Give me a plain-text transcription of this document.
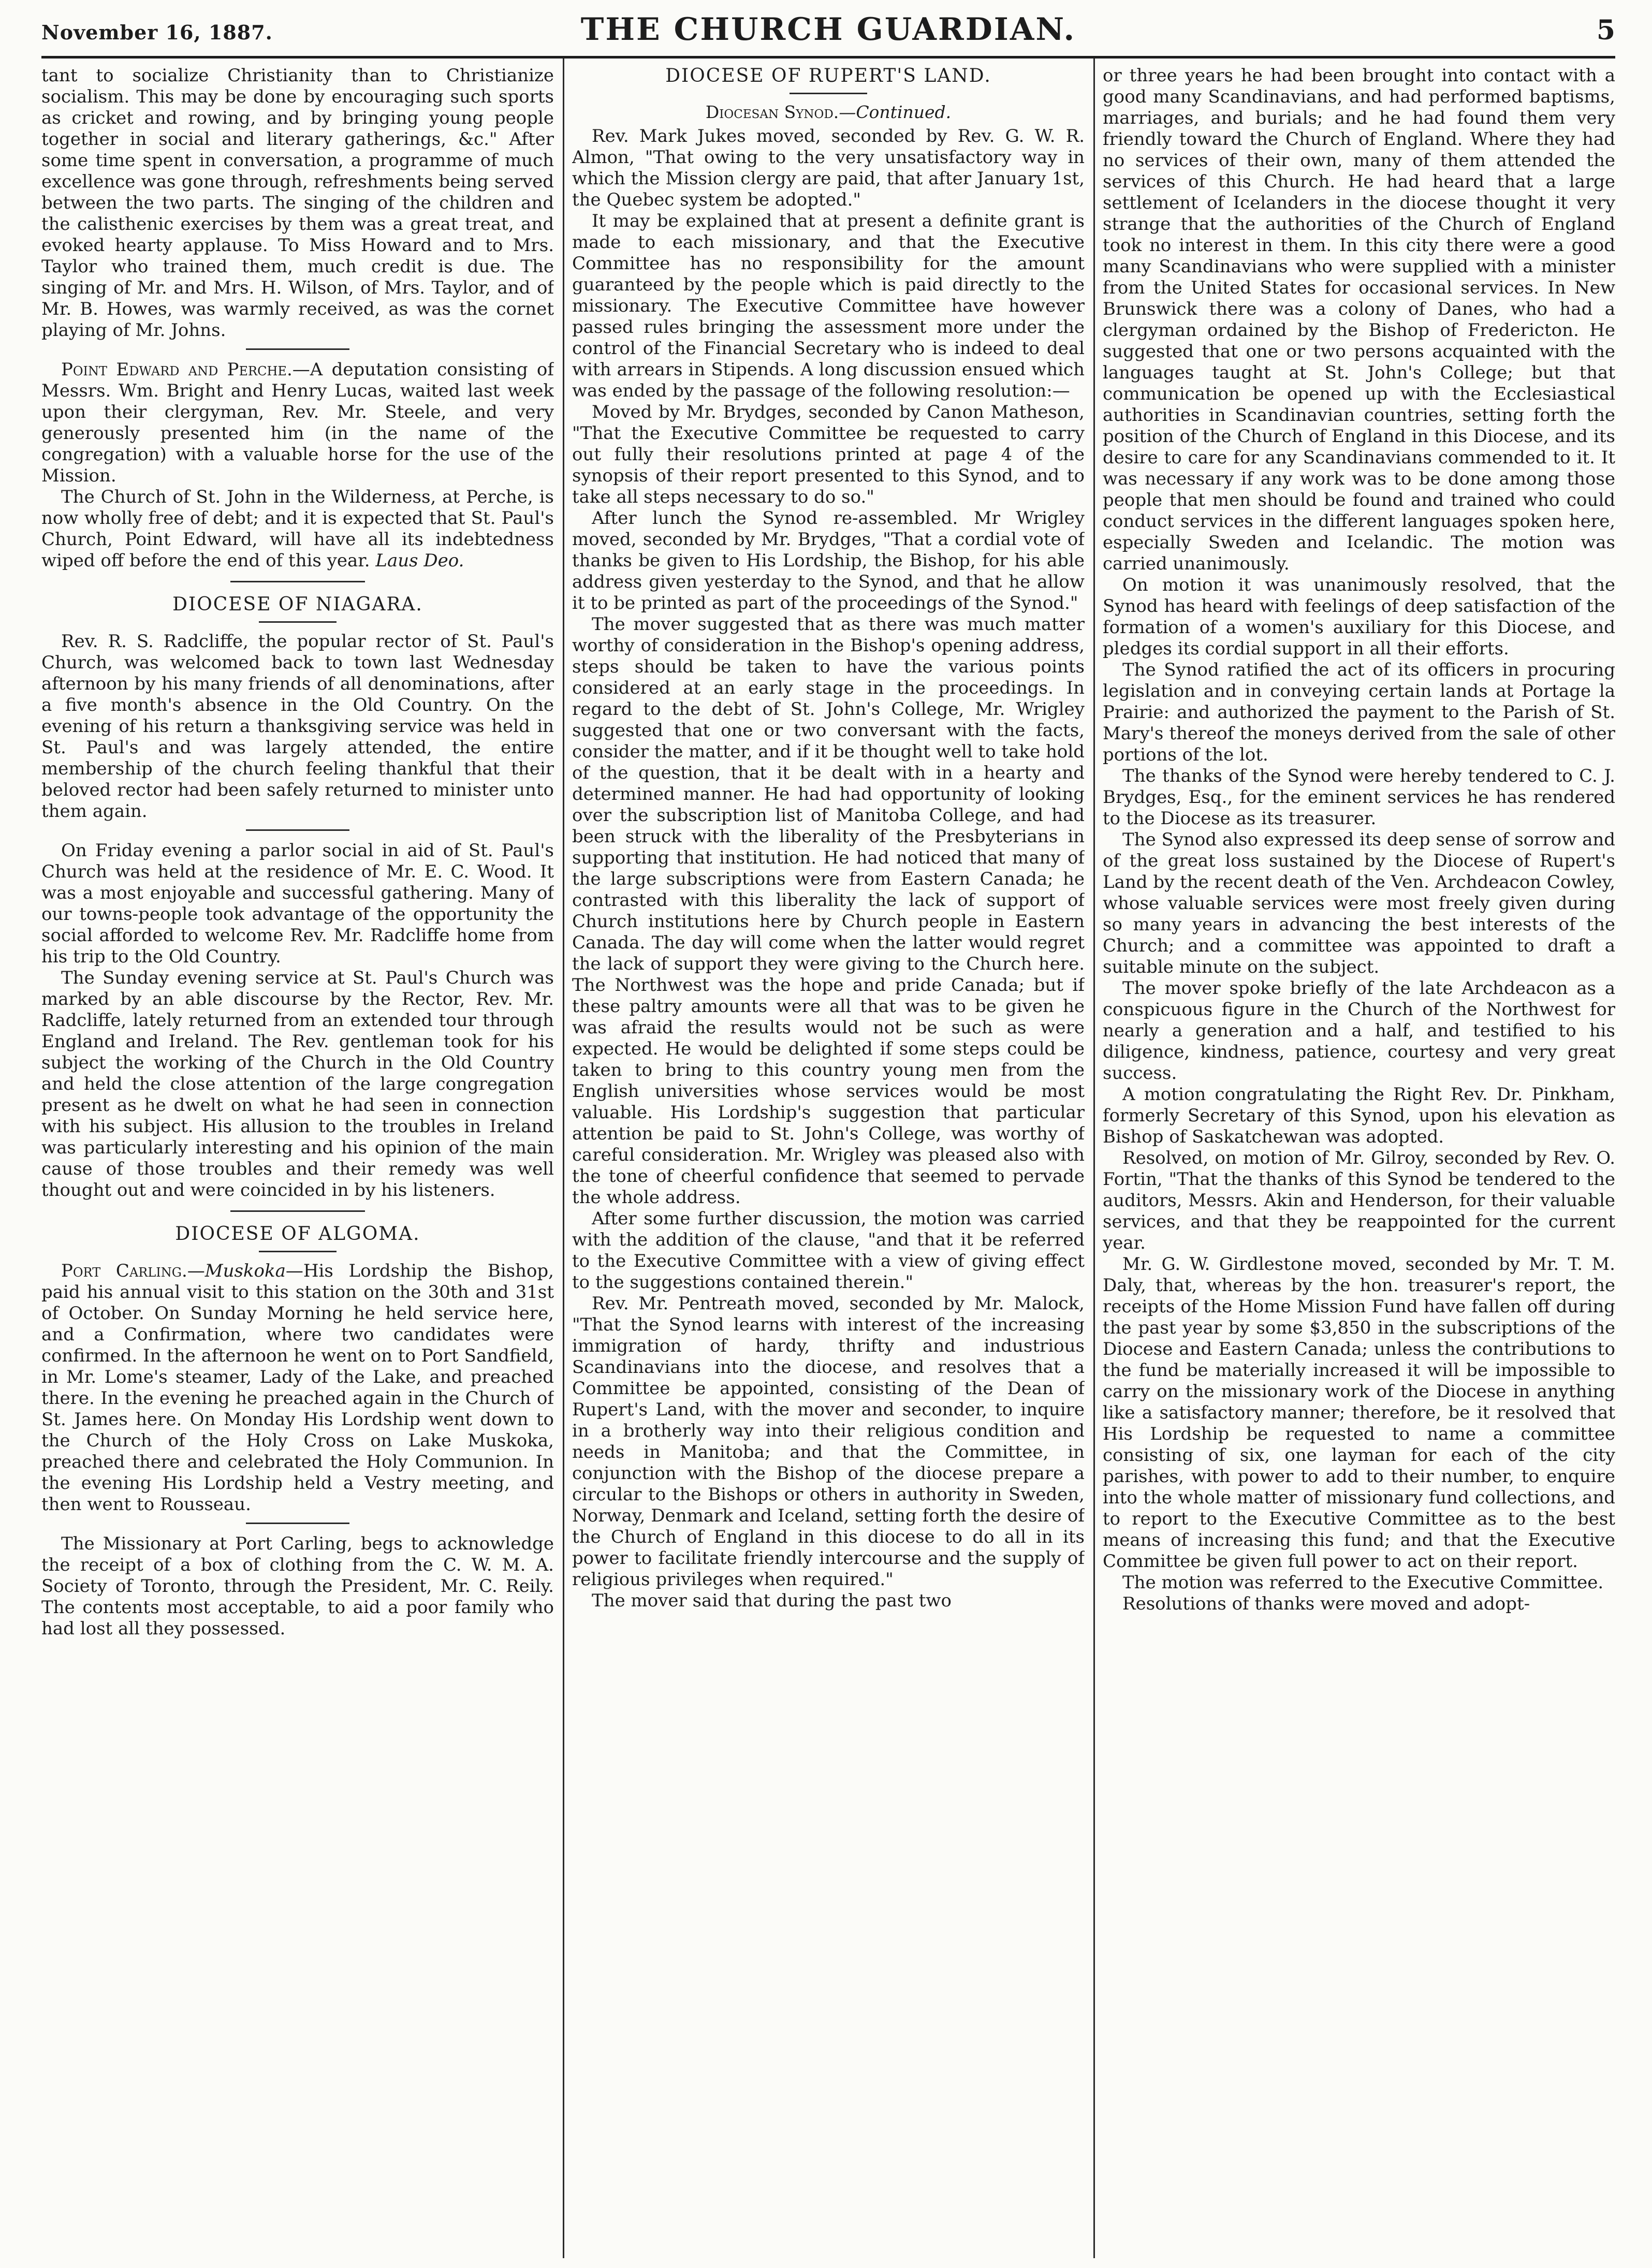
November 16, 1887.	THE CHURCH GUARDIAN.	5

tant to socialize Christianity than to Christianize socialism. This may be done by encouraging such sports as cricket and rowing, and by bringing young people together in social and literary gatherings, &c." After some time spent in conversation, a programme of much excellence was gone through, refreshments being served between the two parts. The singing of the children and the calisthenic exercises by them was a great treat, and evoked hearty applause. To Miss Howard and to Mrs. Taylor who trained them, much credit is due. The singing of Mr. and Mrs. H. Wilson, of Mrs. Taylor, and of Mr. B. Howes, was warmly received, as was the cornet playing of Mr. Johns.

Point Edward and Perche.—A deputation consisting of Messrs. Wm. Bright and Henry Lucas, waited last week upon their clergyman, Rev. Mr. Steele, and very generously presented him (in the name of the congregation) with a valuable horse for the use of the Mission.

The Church of St. John in the Wilderness, at Perche, is now wholly free of debt; and it is expected that St. Paul's Church, Point Edward, will have all its indebtedness wiped off before the end of this year. Laus Deo.

DIOCESE OF NIAGARA.

Rev. R. S. Radcliffe, the popular rector of St. Paul's Church, was welcomed back to town last Wednesday afternoon by his many friends of all denominations, after a five month's absence in the Old Country. On the evening of his return a thanksgiving service was held in St. Paul's and was largely attended, the entire membership of the church feeling thankful that their beloved rector had been safely returned to minister unto them again.

On Friday evening a parlor social in aid of St. Paul's Church was held at the residence of Mr. E. C. Wood. It was a most enjoyable and successful gathering. Many of our towns-people took advantage of the opportunity the social afforded to welcome Rev. Mr. Radcliffe home from his trip to the Old Country.

The Sunday evening service at St. Paul's Church was marked by an able discourse by the Rector, Rev. Mr. Radcliffe, lately returned from an extended tour through England and Ireland. The Rev. gentleman took for his subject the working of the Church in the Old Country and held the close attention of the large congregation present as he dwelt on what he had seen in connection with his subject. His allusion to the troubles in Ireland was particularly interesting and his opinion of the main cause of those troubles and their remedy was well thought out and were coincided in by his listeners.

DIOCESE OF ALGOMA.

Port Carling.—Muskoka—His Lordship the Bishop, paid his annual visit to this station on the 30th and 31st of October. On Sunday Morning he held service here, and a Confirmation, where two candidates were confirmed. In the afternoon he went on to Port Sandfield, in Mr. Lome's steamer, Lady of the Lake, and preached there. In the evening he preached again in the Church of St. James here. On Monday His Lordship went down to the Church of the Holy Cross on Lake Muskoka, preached there and celebrated the Holy Communion. In the evening His Lordship held a Vestry meeting, and then went to Rousseau.

The Missionary at Port Carling, begs to acknowledge the receipt of a box of clothing from the C. W. M. A. Society of Toronto, through the President, Mr. C. Reily. The contents most acceptable, to aid a poor family who had lost all they possessed.

DIOCESE OF RUPERT'S LAND.
Diocesan Synod.—Continued.

Rev. Mark Jukes moved, seconded by Rev. G. W. R. Almon, "That owing to the very unsatisfactory way in which the Mission clergy are paid, that after January 1st, the Quebec system be adopted."

It may be explained that at present a definite grant is made to each missionary, and that the Executive Committee has no responsibility for the amount guaranteed by the people which is paid directly to the missionary. The Executive Committee have however passed rules bringing the assessment more under the control of the Financial Secretary who is indeed to deal with arrears in Stipends. A long discussion ensued which was ended by the passage of the following resolution:—

Moved by Mr. Brydges, seconded by Canon Matheson, "That the Executive Committee be requested to carry out fully their resolutions printed at page 4 of the synopsis of their report presented to this Synod, and to take all steps necessary to do so."

After lunch the Synod re-assembled. Mr Wrigley moved, seconded by Mr. Brydges, "That a cordial vote of thanks be given to His Lordship, the Bishop, for his able address given yesterday to the Synod, and that he allow it to be printed as part of the proceedings of the Synod."

The mover suggested that as there was much matter worthy of consideration in the Bishop's opening address, steps should be taken to have the various points considered at an early stage in the proceedings. In regard to the debt of St. John's College, Mr. Wrigley suggested that one or two conversant with the facts, consider the matter, and if it be thought well to take hold of the question, that it be dealt with in a hearty and determined manner. He had had opportunity of looking over the subscription list of Manitoba College, and had been struck with the liberality of the Presbyterians in supporting that institution. He had noticed that many of the large subscriptions were from Eastern Canada; he contrasted with this liberality the lack of support of Church institutions here by Church people in Eastern Canada. The day will come when the latter would regret the lack of support they were giving to the Church here. The Northwest was the hope and pride Canada; but if these paltry amounts were all that was to be given he was afraid the results would not be such as were expected. He would be delighted if some steps could be taken to bring to this country young men from the English universities whose services would be most valuable. His Lordship's suggestion that particular attention be paid to St. John's College, was worthy of careful consideration. Mr. Wrigley was pleased also with the tone of cheerful confidence that seemed to pervade the whole address.

After some further discussion, the motion was carried with the addition of the clause, "and that it be referred to the Executive Committee with a view of giving effect to the suggestions contained therein."

Rev. Mr. Pentreath moved, seconded by Mr. Malock, "That the Synod learns with interest of the increasing immigration of hardy, thrifty and industrious Scandinavians into the diocese, and resolves that a Committee be appointed, consisting of the Dean of Rupert's Land, with the mover and seconder, to inquire in a brotherly way into their religious condition and needs in Manitoba; and that the Committee, in conjunction with the Bishop of the diocese prepare a circular to the Bishops or others in authority in Sweden, Norway, Denmark and Iceland, setting forth the desire of the Church of England in this diocese to do all in its power to facilitate friendly intercourse and the supply of religious privileges when required."

The mover said that during the past two

or three years he had been brought into contact with a good many Scandinavians, and had performed baptisms, marriages, and burials; and he had found them very friendly toward the Church of England. Where they had no services of their own, many of them attended the services of this Church. He had heard that a large settlement of Icelanders in the diocese thought it very strange that the authorities of the Church of England took no interest in them. In this city there were a good many Scandinavians who were supplied with a minister from the United States for occasional services. In New Brunswick there was a colony of Danes, who had a clergyman ordained by the Bishop of Fredericton. He suggested that one or two persons acquainted with the languages taught at St. John's College; but that communication be opened up with the Ecclesiastical authorities in Scandinavian countries, setting forth the position of the Church of England in this Diocese, and its desire to care for any Scandinavians commended to it. It was necessary if any work was to be done among those people that men should be found and trained who could conduct services in the different languages spoken here, especially Sweden and Icelandic. The motion was carried unanimously.

On motion it was unanimously resolved, that the Synod has heard with feelings of deep satisfaction of the formation of a women's auxiliary for this Diocese, and pledges its cordial support in all their efforts.

The Synod ratified the act of its officers in procuring legislation and in conveying certain lands at Portage la Prairie: and authorized the payment to the Parish of St. Mary's thereof the moneys derived from the sale of other portions of the lot.

The thanks of the Synod were hereby tendered to C. J. Brydges, Esq., for the eminent services he has rendered to the Diocese as its treasurer.

The Synod also expressed its deep sense of sorrow and of the great loss sustained by the Diocese of Rupert's Land by the recent death of the Ven. Archdeacon Cowley, whose valuable services were most freely given during so many years in advancing the best interests of the Church; and a committee was appointed to draft a suitable minute on the subject.

The mover spoke briefly of the late Archdeacon as a conspicuous figure in the Church of the Northwest for nearly a generation and a half, and testified to his diligence, kindness, patience, courtesy and very great success.

A motion congratulating the Right Rev. Dr. Pinkham, formerly Secretary of this Synod, upon his elevation as Bishop of Saskatchewan was adopted.

Resolved, on motion of Mr. Gilroy, seconded by Rev. O. Fortin, "That the thanks of this Synod be tendered to the auditors, Messrs. Akin and Henderson, for their valuable services, and that they be reappointed for the current year.

Mr. G. W. Girdlestone moved, seconded by Mr. T. M. Daly, that, whereas by the hon. treasurer's report, the receipts of the Home Mission Fund have fallen off during the past year by some $3,850 in the subscriptions of the Diocese and Eastern Canada; unless the contributions to the fund be materially increased it will be impossible to carry on the missionary work of the Diocese in anything like a satisfactory manner; therefore, be it resolved that His Lordship be requested to name a committee consisting of six, one layman for each of the city parishes, with power to add to their number, to enquire into the whole matter of missionary fund collections, and to report to the Executive Committee as to the best means of increasing this fund; and that the Executive Committee be given full power to act on their report.

The motion was referred to the Executive Committee.

Resolutions of thanks were moved and adopt-
